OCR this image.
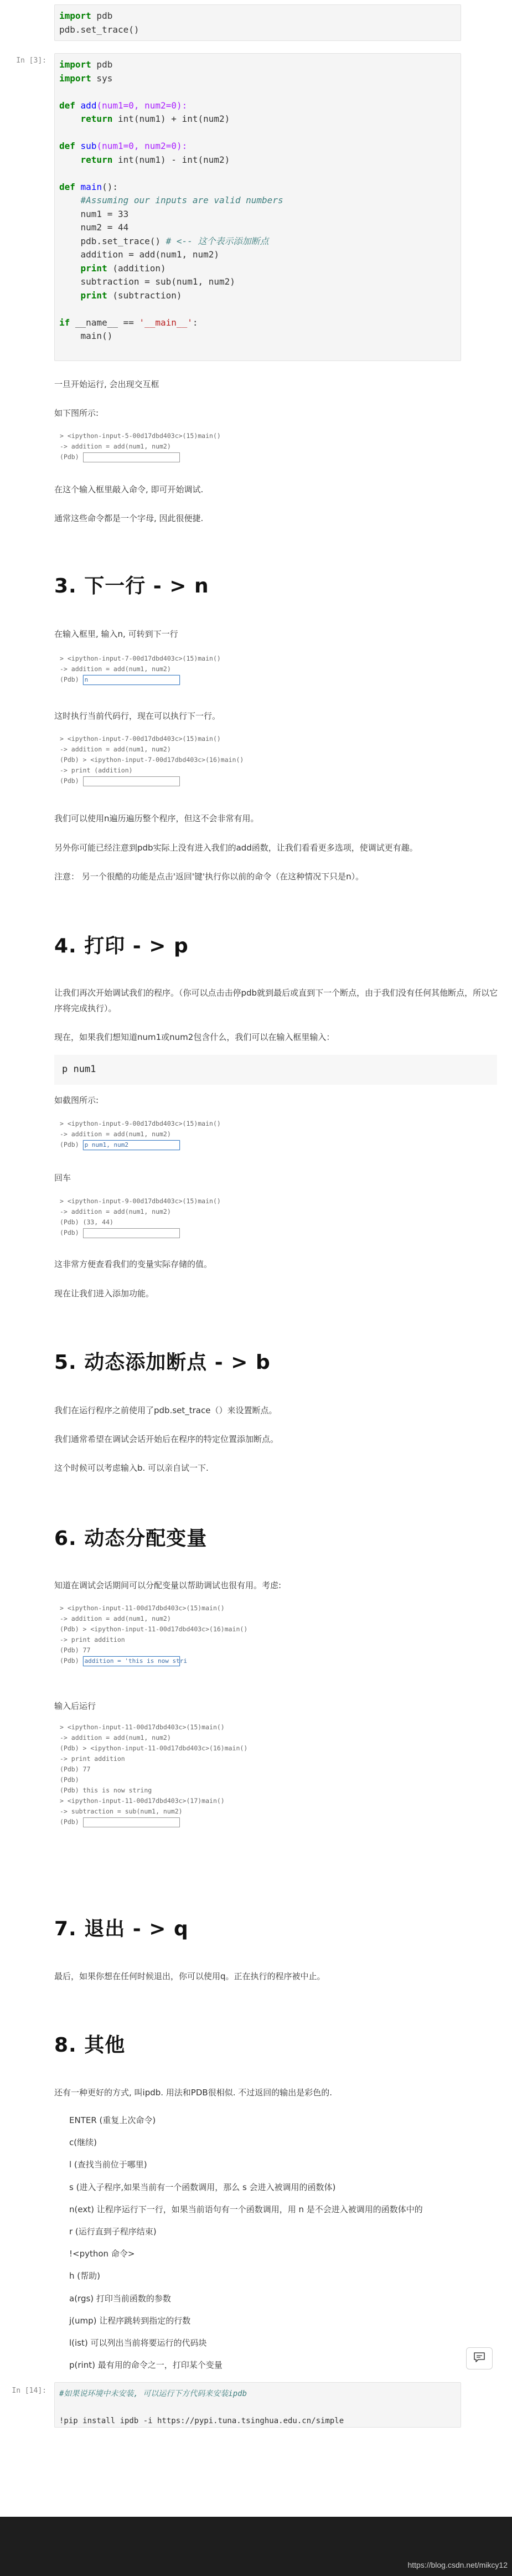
import pdb
pdb.set_trace()
In [3]:	import pdb
import sys

def add(num1=0, num2=0):
return int(num1) + int(num2)

def sub(num1=0, num2=0):
return int(num1) - int(num2)

def main():
#Assuming our inputs are valid numbers
num1 = 33
num2 = 44
pdb.set_trace() # <-- 这个表示添加断点
addition = add(num1, num2)
print (addition)
subtraction = sub(num1, num2)
print (subtraction)

if __name__ == '__main__':
main()
一旦开始运行, 会出现交互框
如下图所示:
> <ipython-input-5-00d17dbd403c>(15)main()
-> addition = add(num1, num2)
(Pdb)
在这个输入框里敲入命令, 即可开始调试.
通常这些命令都是一个字母, 因此很便捷.
3. 下一行 - > n
在输入框里, 输入n, 可转到下一行
> <ipython-input-7-00d17dbd403c>(15)main()
-> addition = add(num1, num2)
(Pdb) n
这时执行当前代码行，现在可以执行下一行。
> <ipython-input-7-00d17dbd403c>(15)main()
-> addition = add(num1, num2)
(Pdb) > <ipython-input-7-00d17dbd403c>(16)main()
-> print (addition)
(Pdb)
我们可以使用n遍历遍历整个程序，但这不会非常有用。
另外你可能已经注意到pdb实际上没有进入我们的add函数，让我们看看更多选项，使调试更有趣。
注意： 另一个很酷的功能是点击'返回'键'执行你以前的命令（在这种情况下只是n）。
4. 打印 - > p
让我们再次开始调试我们的程序。（你可以点击击停pdb就到最后或直到下一个断点，由于我们没有任何其他断点，所以它
序将完成执行）。
现在，如果我们想知道num1或num2包含什么，我们可以在输入框里输入：
p num1
如截图所示:
> <ipython-input-9-00d17dbd403c>(15)main()
-> addition = add(num1, num2)
(Pdb) p num1, num2
回车
> <ipython-input-9-00d17dbd403c>(15)main()
-> addition = add(num1, num2)
(Pdb) (33, 44)
(Pdb)
这非常方便查看我们的变量实际存储的值。
现在让我们进入添加功能。
5. 动态添加断点 - > b
我们在运行程序之前使用了pdb.set_trace（）来设置断点。
我们通常希望在调试会话开始后在程序的特定位置添加断点。
这个时候可以考虑输入b. 可以亲自试一下.
6. 动态分配变量
知道在调试会话期间可以分配变量以帮助调试也很有用。考虑:
> <ipython-input-11-00d17dbd403c>(15)main()
-> addition = add(num1, num2)
(Pdb) > <ipython-input-11-00d17dbd403c>(16)main()
-> print addition
(Pdb) 77
(Pdb) addition = 'this is now stri
输入后运行
> <ipython-input-11-00d17dbd403c>(15)main()
-> addition = add(num1, num2)
(Pdb) > <ipython-input-11-00d17dbd403c>(16)main()
-> print addition
(Pdb) 77
(Pdb)
(Pdb) this is now string
> <ipython-input-11-00d17dbd403c>(17)main()
-> subtraction = sub(num1, num2)
(Pdb)
7. 退出 - > q
最后，如果你想在任何时候退出，你可以使用q。正在执行的程序被中止。
8. 其他
还有一种更好的方式, 叫ipdb. 用法和PDB很相似. 不过返回的输出是彩色的.
ENTER (重复上次命令)
c(继续)
l (查找当前位于哪里)
s (进入子程序,如果当前有一个函数调用，那么 s 会进入被调用的函数体)
n(ext) 让程序运行下一行，如果当前语句有一个函数调用，用 n 是不会进入被调用的函数体中的
r (运行直到子程序结束)
!<python 命令>
h (帮助)
a(rgs) 打印当前函数的参数
j(ump) 让程序跳转到指定的行数
l(ist) 可以列出当前将要运行的代码块
p(rint) 最有用的命令之一，打印某个变量
In [14]:	#如果说环境中未安装, 可以运行下方代码来安装ipdb

!pip install ipdb -i https://pypi.tuna.tsinghua.edu.cn/simple
https://blog.csdn.net/mikcy12
